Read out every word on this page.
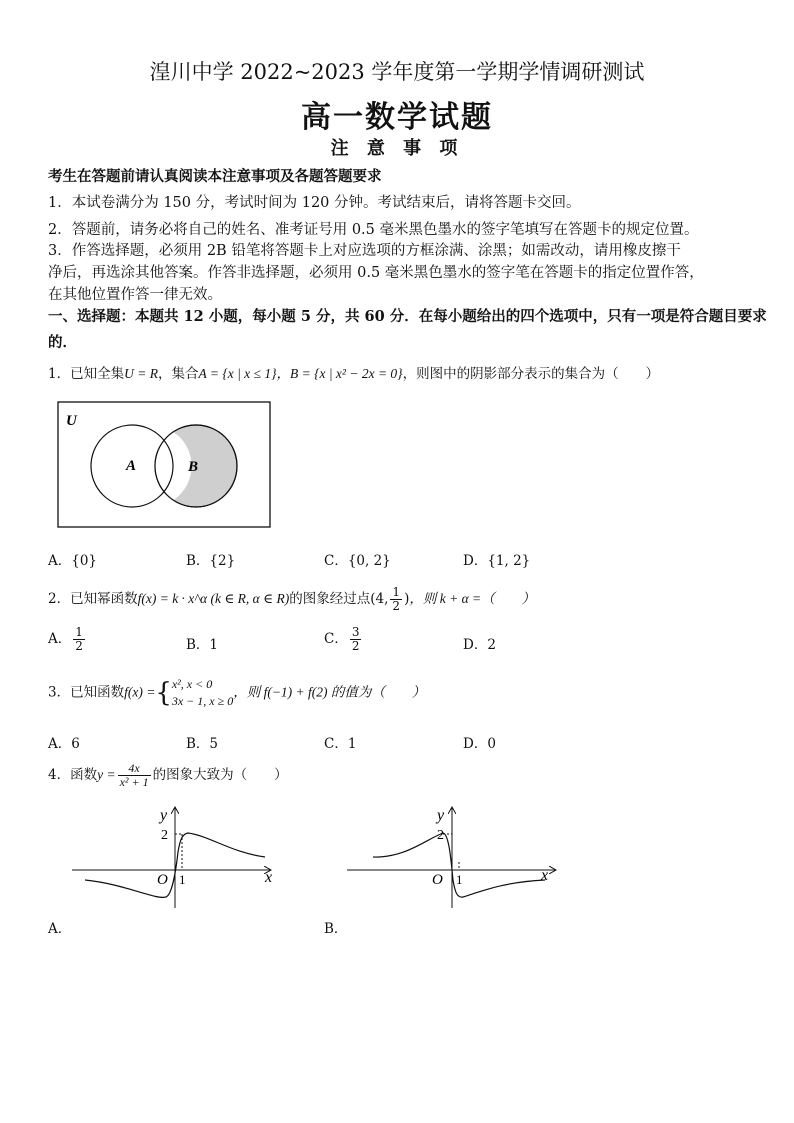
湟川中学 2022~2023 学年度第一学期学情调研测试
高一数学试题
注 意 事 项
考生在答题前请认真阅读本注意事项及各题答题要求
1．本试卷满分为 150 分，考试时间为 120 分钟。考试结束后，请将答题卡交回。
2．答题前，请务必将自己的姓名、准考证号用 0.5 毫米黑色墨水的签字笔填写在答题卡的规定位置。
3．作答选择题，必须用 2B 铅笔将答题卡上对应选项的方框涂满、涂黑；如需改动，请用橡皮擦干
净后，再选涂其他答案。作答非选择题，必须用 0.5 毫米黑色墨水的签字笔在答题卡的指定位置作答，
在其他位置作答一律无效。
一、选择题：本题共 12 小题，每小题 5 分，共 60 分．在每小题给出的四个选项中，只有一项是符合题目要求
的．
1．已知全集U = R，集合A = {x | x ≤ 1}，B = {x | x² − 2x = 0}，则图中的阴影部分表示的集合为（　　）
U
A	B
A．{0}	B．{2}	C．{0, 2}	D．{1, 2}
2．已知幂函数f(x) = k · x^α (k ∈ R, α ∈ R)的图象经过点(4, $\frac{1}{2}$ )，则 k + α =（　　）
A． $\frac{1}{2}$	B．1	C． $\frac{3}{2}$	D．2
3．已知函数f(x) ={ x², x < 0
3x − 1, x ≥ 0
，则 f(−1) + f(2) 的值为（　　）
A．6	B．5	C．1	D．0
4．函数$y = \frac{4x}{\text{x² + 1}}$ 的图象大致为（　　）
y
2
O 1	x
A．
y
2
O 1	x
B．
